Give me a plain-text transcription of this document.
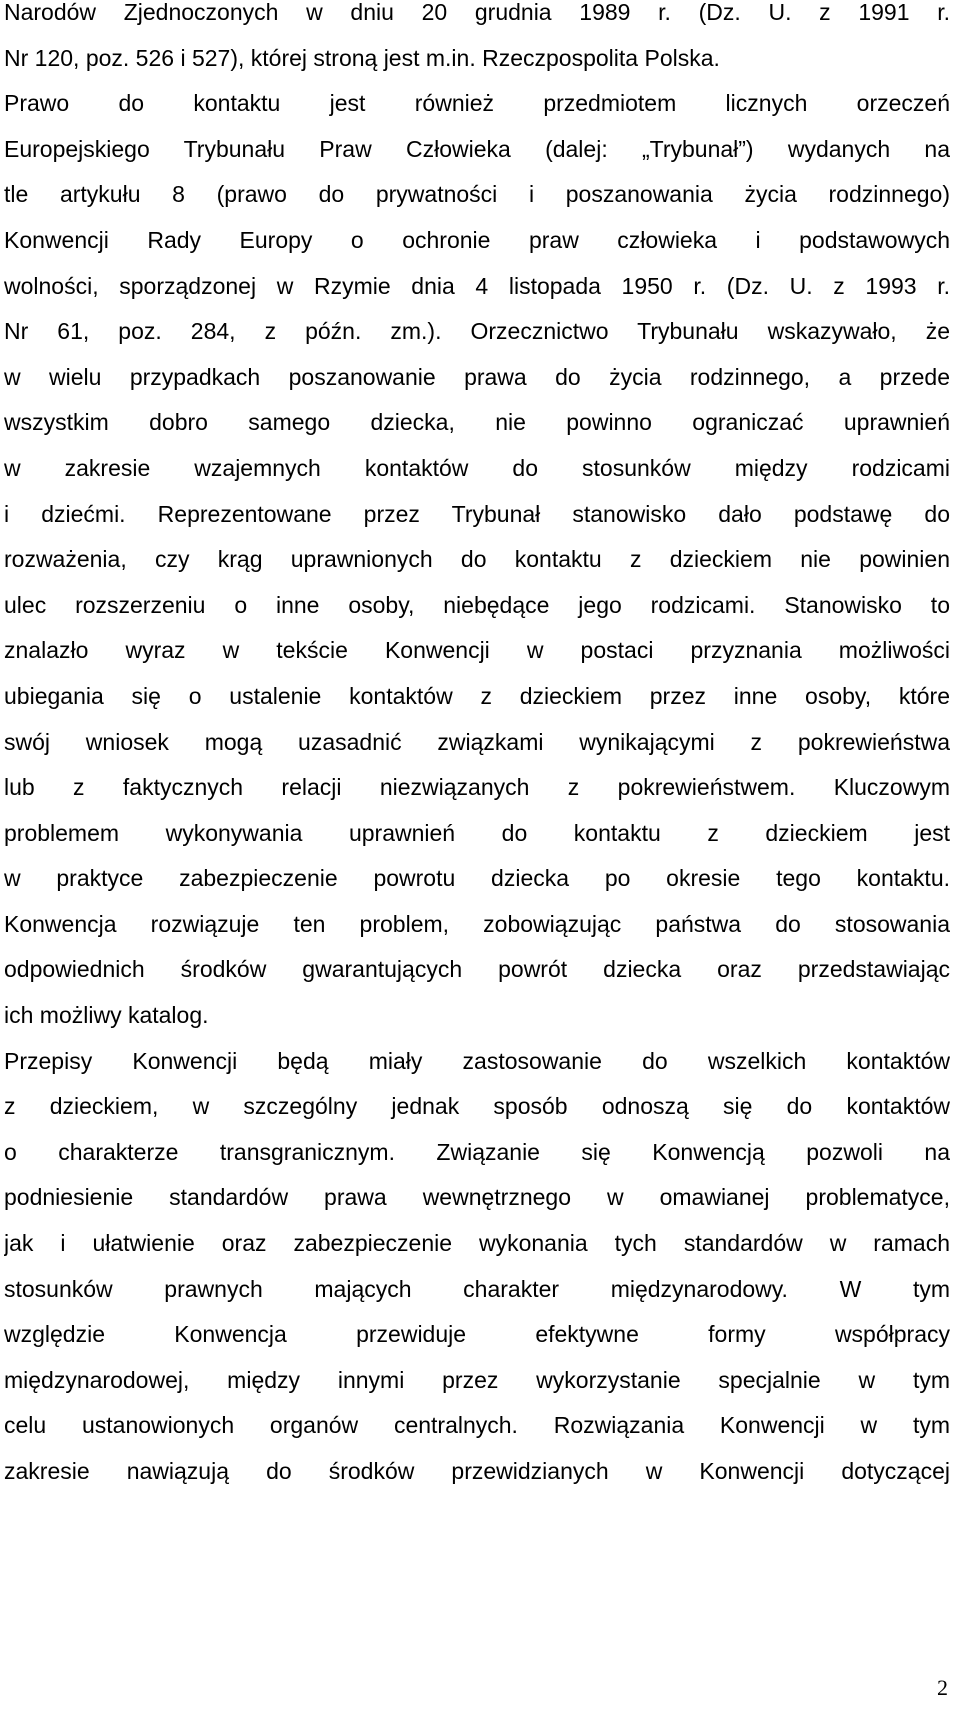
Narodów Zjednoczonych w dniu 20 grudnia 1989 r. (Dz. U. z 1991 r.
Nr 120, poz. 526 i 527), której stroną jest m.in. Rzeczpospolita Polska.
Prawo do kontaktu jest również przedmiotem licznych orzeczeń
Europejskiego Trybunału Praw Człowieka (dalej: „Trybunał”) wydanych na
tle artykułu 8 (prawo do prywatności i poszanowania życia rodzinnego)
Konwencji Rady Europy o ochronie praw człowieka i podstawowych
wolności, sporządzonej w Rzymie dnia 4 listopada 1950 r. (Dz. U. z 1993 r.
Nr 61, poz. 284, z późn. zm.). Orzecznictwo Trybunału wskazywało, że
w wielu przypadkach poszanowanie prawa do życia rodzinnego, a przede
wszystkim dobro samego dziecka, nie powinno ograniczać uprawnień
w zakresie wzajemnych kontaktów do stosunków między rodzicami
i dziećmi. Reprezentowane przez Trybunał stanowisko dało podstawę do
rozważenia, czy krąg uprawnionych do kontaktu z dzieckiem nie powinien
ulec rozszerzeniu o inne osoby, niebędące jego rodzicami. Stanowisko to
znalazło wyraz w tekście Konwencji w postaci przyznania możliwości
ubiegania się o ustalenie kontaktów z dzieckiem przez inne osoby, które
swój wniosek mogą uzasadnić związkami wynikającymi z pokrewieństwa
lub z faktycznych relacji niezwiązanych z pokrewieństwem. Kluczowym
problemem wykonywania uprawnień do kontaktu z dzieckiem jest
w praktyce zabezpieczenie powrotu dziecka po okresie tego kontaktu.
Konwencja rozwiązuje ten problem, zobowiązując państwa do stosowania
odpowiednich środków gwarantujących powrót dziecka oraz przedstawiając
ich możliwy katalog.
Przepisy Konwencji będą miały zastosowanie do wszelkich kontaktów
z dzieckiem, w szczególny jednak sposób odnoszą się do kontaktów
o charakterze transgranicznym. Związanie się Konwencją pozwoli na
podniesienie standardów prawa wewnętrznego w omawianej problematyce,
jak i ułatwienie oraz zabezpieczenie wykonania tych standardów w ramach
stosunków prawnych mających charakter międzynarodowy. W tym
względzie Konwencja przewiduje efektywne formy współpracy
międzynarodowej, między innymi przez wykorzystanie specjalnie w tym
celu ustanowionych organów centralnych. Rozwiązania Konwencji w tym
zakresie nawiązują do środków przewidzianych w Konwencji dotyczącej
2
